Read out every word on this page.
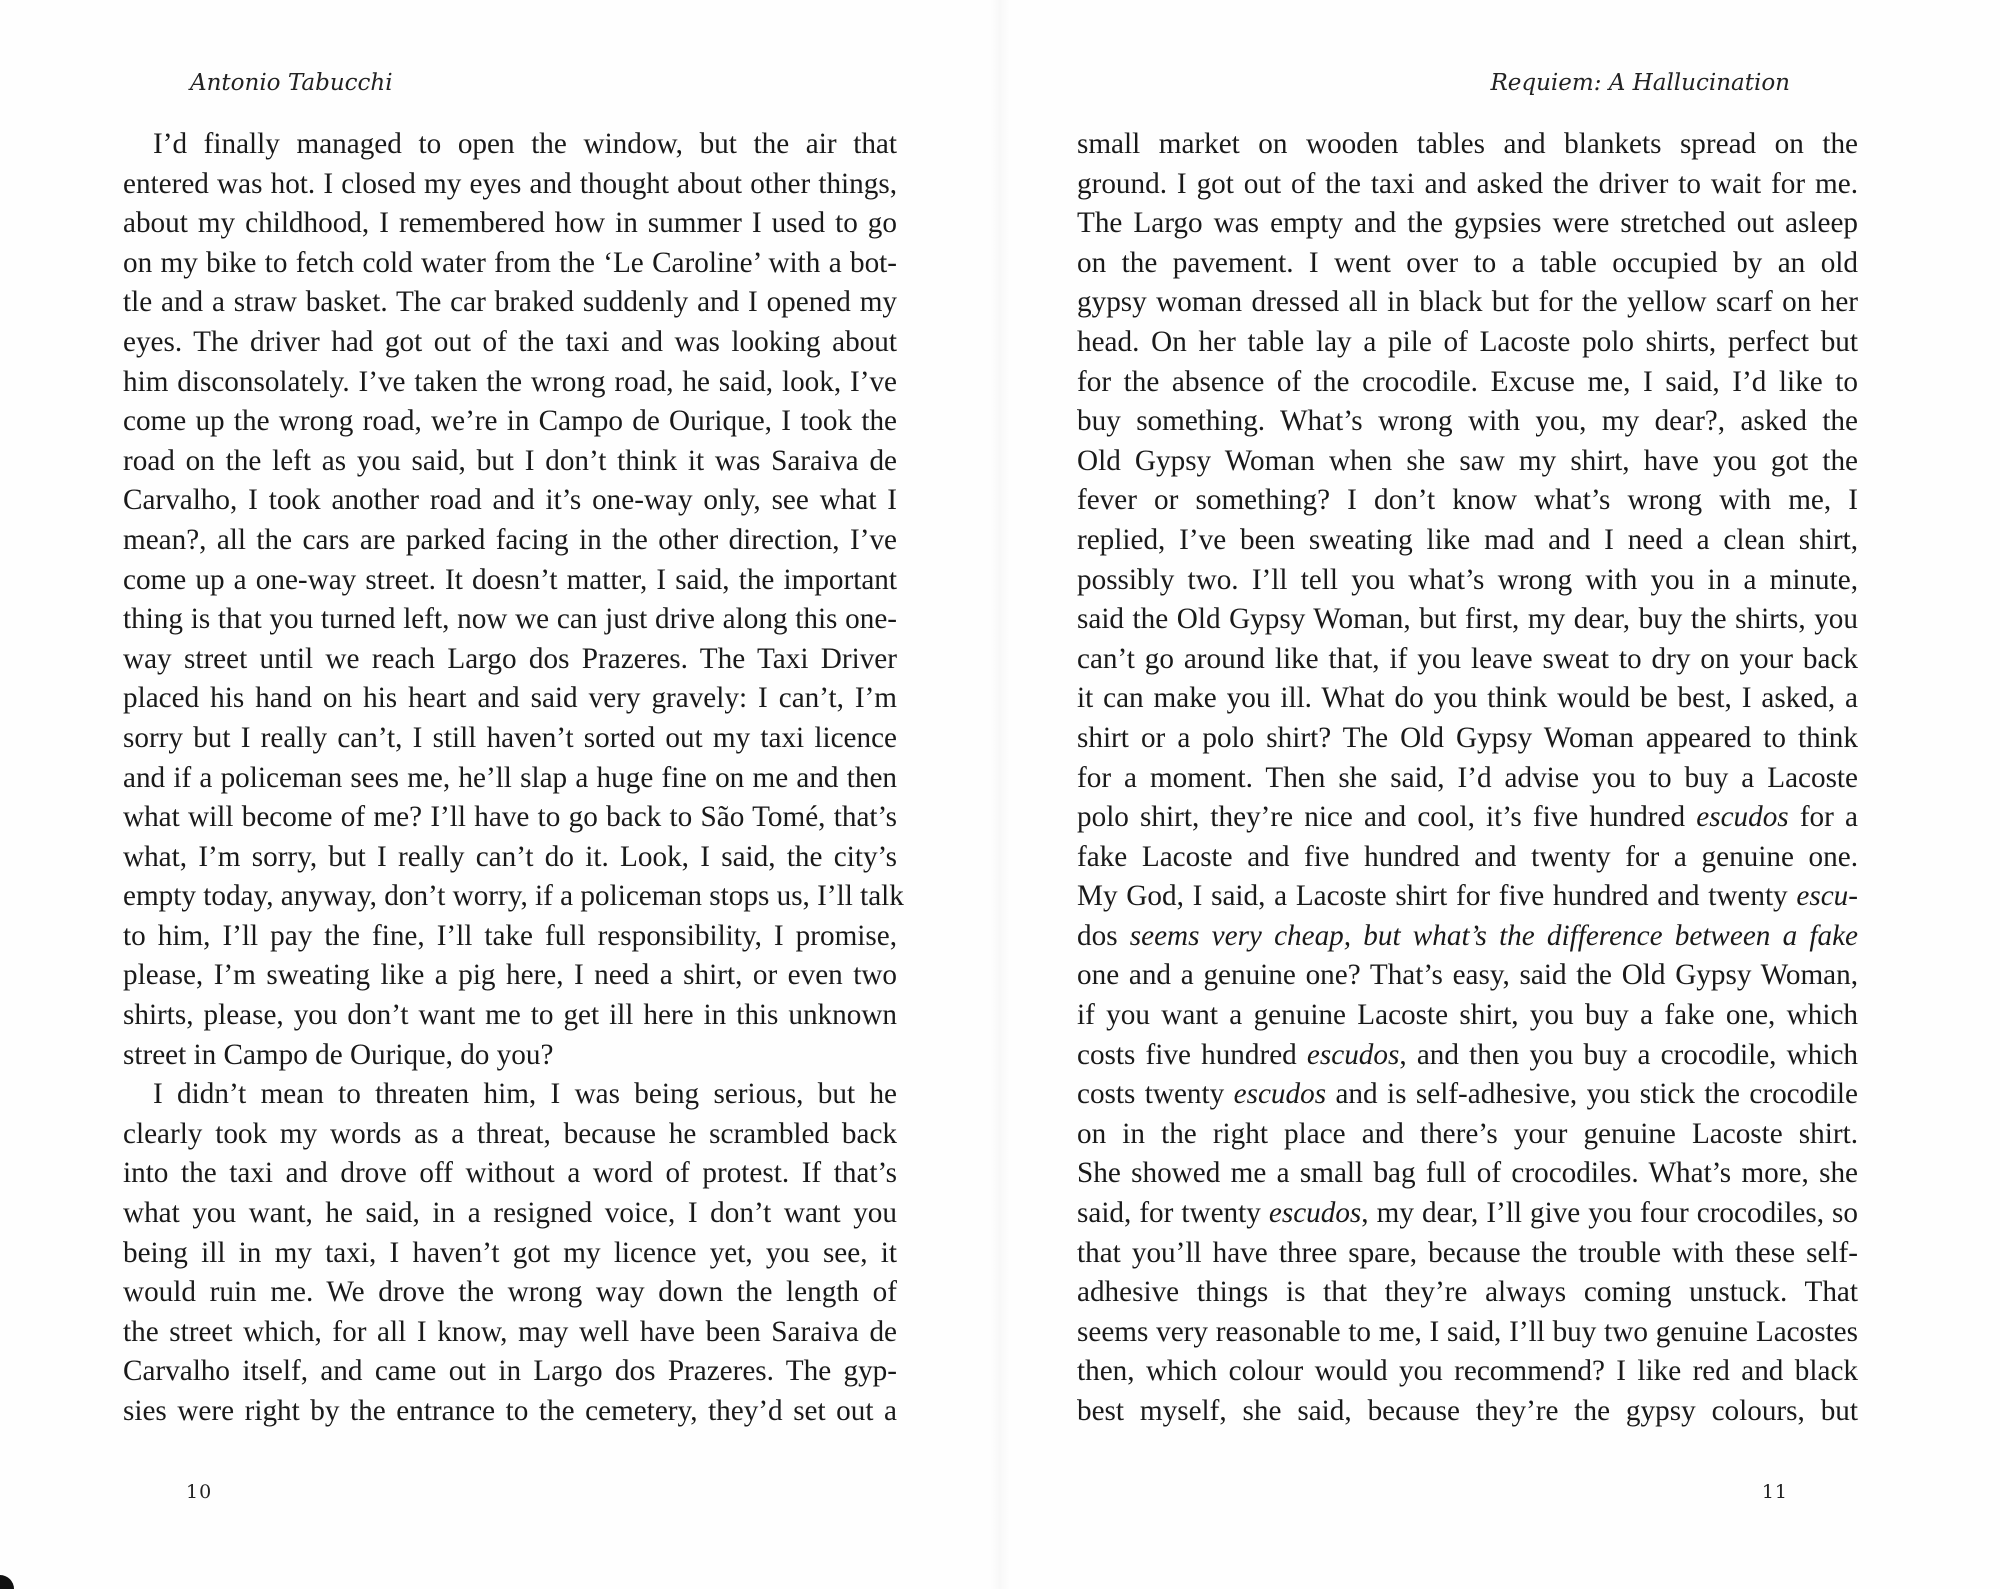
Antonio Tabucchi
I’d finally managed to open the window, but the air that
entered was hot. I closed my eyes and thought about other things,
about my childhood, I remembered how in summer I used to go
on my bike to fetch cold water from the ‘Le Caroline’ with a bot-
tle and a straw basket. The car braked suddenly and I opened my
eyes. The driver had got out of the taxi and was looking about
him disconsolately. I’ve taken the wrong road, he said, look, I’ve
come up the wrong road, we’re in Campo de Ourique, I took the
road on the left as you said, but I don’t think it was Saraiva de
Carvalho, I took another road and it’s one-way only, see what I
mean?, all the cars are parked facing in the other direction, I’ve
come up a one-way street. It doesn’t matter, I said, the important
thing is that you turned left, now we can just drive along this one-
way street until we reach Largo dos Prazeres. The Taxi Driver
placed his hand on his heart and said very gravely: I can’t, I’m
sorry but I really can’t, I still haven’t sorted out my taxi licence
and if a policeman sees me, he’ll slap a huge fine on me and then
what will become of me? I’ll have to go back to São Tomé, that’s
what, I’m sorry, but I really can’t do it. Look, I said, the city’s
empty today, anyway, don’t worry, if a policeman stops us, I’ll talk
to him, I’ll pay the fine, I’ll take full responsibility, I promise,
please, I’m sweating like a pig here, I need a shirt, or even two
shirts, please, you don’t want me to get ill here in this unknown
street in Campo de Ourique, do you?
I didn’t mean to threaten him, I was being serious, but he
clearly took my words as a threat, because he scrambled back
into the taxi and drove off without a word of protest. If that’s
what you want, he said, in a resigned voice, I don’t want you
being ill in my taxi, I haven’t got my licence yet, you see, it
would ruin me. We drove the wrong way down the length of
the street which, for all I know, may well have been Saraiva de
Carvalho itself, and came out in Largo dos Prazeres. The gyp-
sies were right by the entrance to the cemetery, they’d set out a
10
Requiem: A Hallucination
small market on wooden tables and blankets spread on the
ground. I got out of the taxi and asked the driver to wait for me.
The Largo was empty and the gypsies were stretched out asleep
on the pavement. I went over to a table occupied by an old
gypsy woman dressed all in black but for the yellow scarf on her
head. On her table lay a pile of Lacoste polo shirts, perfect but
for the absence of the crocodile. Excuse me, I said, I’d like to
buy something. What’s wrong with you, my dear?, asked the
Old Gypsy Woman when she saw my shirt, have you got the
fever or something? I don’t know what’s wrong with me, I
replied, I’ve been sweating like mad and I need a clean shirt,
possibly two. I’ll tell you what’s wrong with you in a minute,
said the Old Gypsy Woman, but first, my dear, buy the shirts, you
can’t go around like that, if you leave sweat to dry on your back
it can make you ill. What do you think would be best, I asked, a
shirt or a polo shirt? The Old Gypsy Woman appeared to think
for a moment. Then she said, I’d advise you to buy a Lacoste
polo shirt, they’re nice and cool, it’s five hundred escudos for a
fake Lacoste and five hundred and twenty for a genuine one.
My God, I said, a Lacoste shirt for five hundred and twenty escu-
dos seems very cheap, but what’s the difference between a fake
one and a genuine one? That’s easy, said the Old Gypsy Woman,
if you want a genuine Lacoste shirt, you buy a fake one, which
costs five hundred escudos, and then you buy a crocodile, which
costs twenty escudos and is self-adhesive, you stick the crocodile
on in the right place and there’s your genuine Lacoste shirt.
She showed me a small bag full of crocodiles. What’s more, she
said, for twenty escudos, my dear, I’ll give you four crocodiles, so
that you’ll have three spare, because the trouble with these self-
adhesive things is that they’re always coming unstuck. That
seems very reasonable to me, I said, I’ll buy two genuine Lacostes
then, which colour would you recommend? I like red and black
best myself, she said, because they’re the gypsy colours, but
11
